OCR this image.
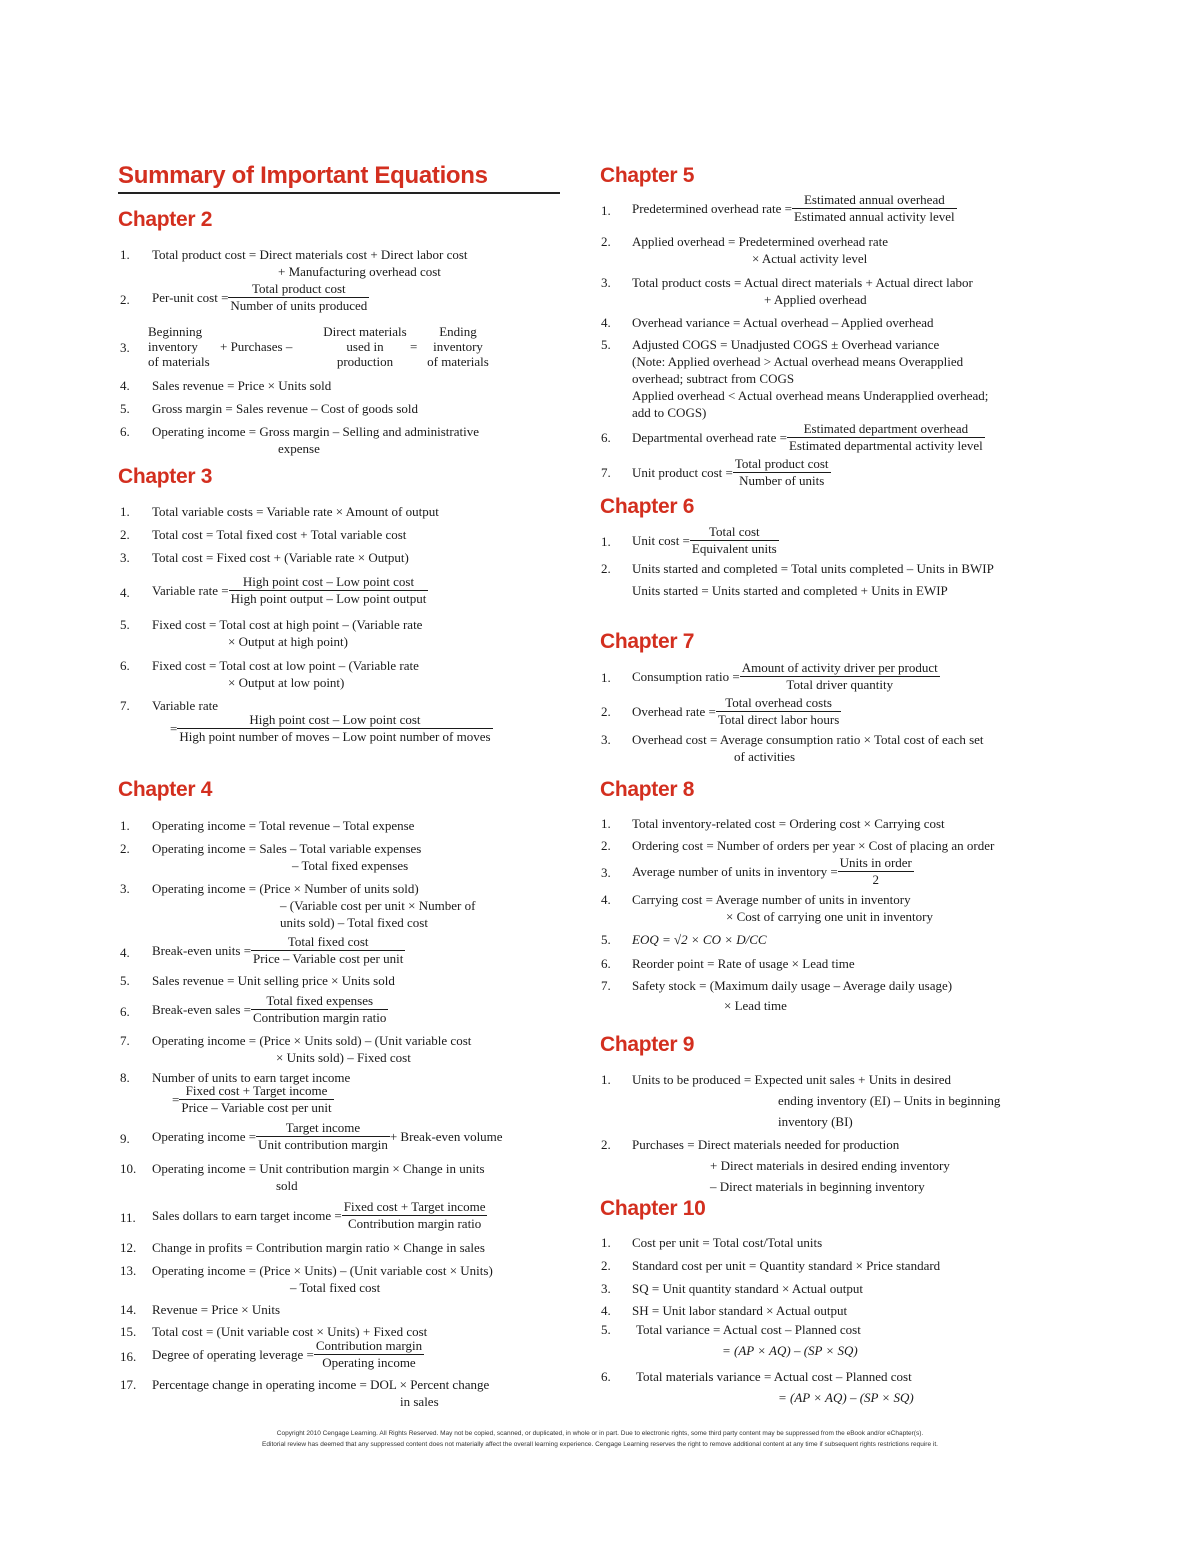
Summary of Important Equations
Chapter 2
1. Total product cost = Direct materials cost + Direct labor cost
+ Manufacturing overhead cost
2. Per-unit $\cos t = \frac{\text{Total product cost}}{\text{Number of units produced}}$
3.
Beginning
inventory
of materials
+ Purchases –
Direct materials
used in
production
=
Ending
inventory
of materials
4. Sales revenue = Price × Units sold
5. Gross margin = Sales revenue – Cost of goods sold
6. Operating income = Gross margin – Selling and administrative
expense
Chapter 3
1. Total variable costs = Variable rate × Amount of output
2. Total cost = Total fixed cost + Total variable cost
3. Total cost = Fixed cost + (Variable rate × Output)
4. Variable rate = $\frac{\text{High point cost – Low point cost}}{\text{High point output – Low point output}}$
5. Fixed cost = Total cost at high point – (Variable rate
× Output at high point)
6. Fixed cost = Total cost at low point – (Variable rate
× Output at low point)
7. Variable rate
= $\frac{\text{High point cost – Low point cost}}{\text{High point number of moves – Low point number of moves}}$
Chapter 4
1. Operating income = Total revenue – Total expense
2. Operating income = Sales – Total variable expenses
– Total fixed expenses
3. Operating income = (Price × Number of units sold)
– (Variable cost per unit × Number of
units sold) – Total fixed cost
4. Break-even units = $\frac{\text{Total fixed cost}}{\text{Price – Variable cost per unit}}$
5. Sales revenue = Unit selling price × Units sold
6. Break-even sales = $\frac{\text{Total fixed expenses}}{\text{Contribution margin ratio}}$
7. Operating income = (Price × Units sold) – (Unit variable cost
× Units sold) – Fixed cost
8. Number of units to earn target income
= $\frac{\text{Fixed cost + Target income}}{\text{Price – Variable cost per unit}}$
9. Operating income = $\frac{\text{Target income}}{\text{Unit contribution margin}}$ + Break-even volume
10. Operating income = Unit contribution margin × Change in units
sold
11. Sales dollars to earn target income = $\frac{\text{Fixed cost + Target income}}{\text{Contribution margin ratio}}$
12. Change in profits = Contribution margin ratio × Change in sales
13. Operating income = (Price × Units) – (Unit variable cost × Units)
– Total fixed cost
14. Revenue = Price × Units
15. Total cost = (Unit variable cost × Units) + Fixed cost
16. Degree of operating leverage = $\frac{\text{Contribution margin}}{\text{Operating income}}$
17. Percentage change in operating income = DOL × Percent change
in sales
Chapter 5
1. Predetermined overhead rate = $\frac{\text{Estimated annual overhead}}{\text{Estimated annual activity level}}$
2. Applied overhead = Predetermined overhead rate
× Actual activity level
3. Total product costs = Actual direct materials + Actual direct labor
+ Applied overhead
4. Overhead variance = Actual overhead – Applied overhead
5. Adjusted COGS = Unadjusted COGS ± Overhead variance
(Note: Applied overhead > Actual overhead means Overapplied
overhead; subtract from COGS
Applied overhead < Actual overhead means Underapplied overhead;
add to COGS)
6. Departmental overhead rate = $\frac{\text{Estimated department overhead}}{\text{Estimated departmental activity level}}$
7. Unit product $\cos t = \frac{\text{Total product cost}}{\text{Number of units}}$
Chapter 6
1. Unit $\cos t = \frac{\text{Total cost}}{\text{Equivalent units}}$
2. Units started and completed = Total units completed – Units in BWIP
Units started = Units started and completed + Units in EWIP
Chapter 7
1. Consumption ratio = $\frac{\text{Amount of activity driver per product}}{\text{Total driver quantity}}$
2. Overhead rate = $\frac{\text{Total overhead costs}}{\text{Total direct labor hours}}$
3. Overhead cost = Average consumption ratio × Total cost of each set
of activities
Chapter 8
1. Total inventory-related cost = Ordering cost × Carrying cost
2. Ordering cost = Number of orders per year × Cost of placing an order
3. Average number of units in inventory = $\frac{\text{Units in order}}{2}$
4. Carrying cost = Average number of units in inventory
× Cost of carrying one unit in inventory
5. EOQ = √2 × CO × D/CC
6. Reorder point = Rate of usage × Lead time
7. Safety stock = (Maximum daily usage – Average daily usage)
× Lead time
Chapter 9
1. Units to be produced = Expected unit sales + Units in desired
ending inventory (EI) – Units in beginning
inventory (BI)
2. Purchases = Direct materials needed for production
+ Direct materials in desired ending inventory
– Direct materials in beginning inventory
Chapter 10
1. Cost per unit = Total cost/Total units
2. Standard cost per unit = Quantity standard × Price standard
3. SQ = Unit quantity standard × Actual output
4. SH = Unit labor standard × Actual output
5.	Total variance = Actual cost – Planned cost
= (AP × AQ) – (SP × SQ)
6.	Total materials variance = Actual cost – Planned cost
= (AP × AQ) – (SP × SQ)
Copyright 2010 Cengage Learning. All Rights Reserved. May not be copied, scanned, or duplicated, in whole or in part. Due to electronic rights, some third party content may be suppressed from the eBook and/or eChapter(s).
Editorial review has deemed that any suppressed content does not materially affect the overall learning experience. Cengage Learning reserves the right to remove additional content at any time if subsequent rights restrictions require it.
